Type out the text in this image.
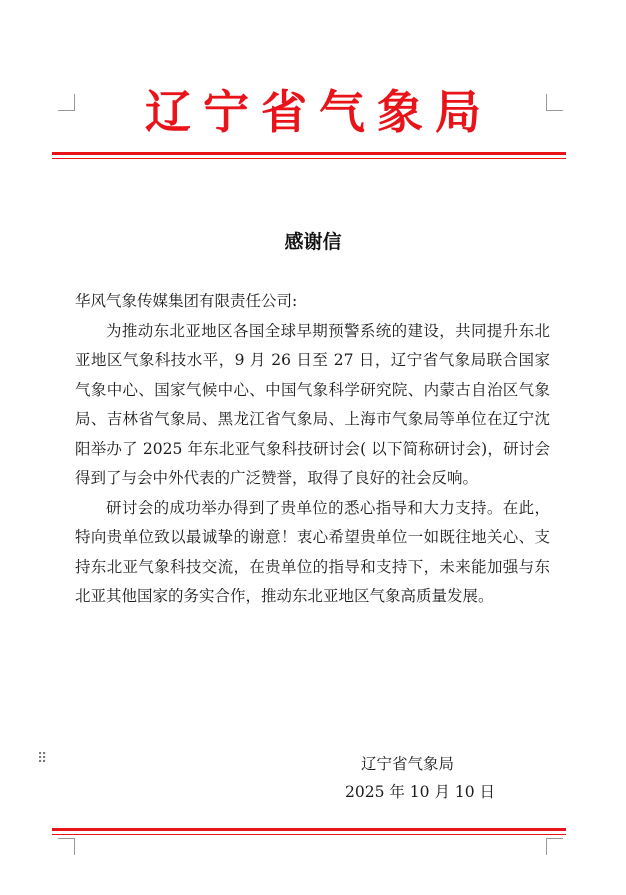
辽宁省气象局
感谢信

华风气象传媒集团有限责任公司:

为推动东北亚地区各国全球早期预警系统的建设，共同提升东北亚地区气象科技水平，9 月 26 日至 27 日，辽宁省气象局联合国家气象中心、国家气候中心、中国气象科学研究院、内蒙古自治区气象局、吉林省气象局、黑龙江省气象局、上海市气象局等单位在辽宁沈阳举办了 2025 年东北亚气象科技研讨会( 以下简称研讨会)，研讨会得到了与会中外代表的广泛赞誉，取得了良好的社会反响。

研讨会的成功举办得到了贵单位的悉心指导和大力支持。在此，特向贵单位致以最诚挚的谢意！衷心希望贵单位一如既往地关心、支持东北亚气象科技交流，在贵单位的指导和支持下，未来能加强与东北亚其他国家的务实合作，推动东北亚地区气象高质量发展。

⠿	辽宁省气象局
2025 年 10 月 10 日
